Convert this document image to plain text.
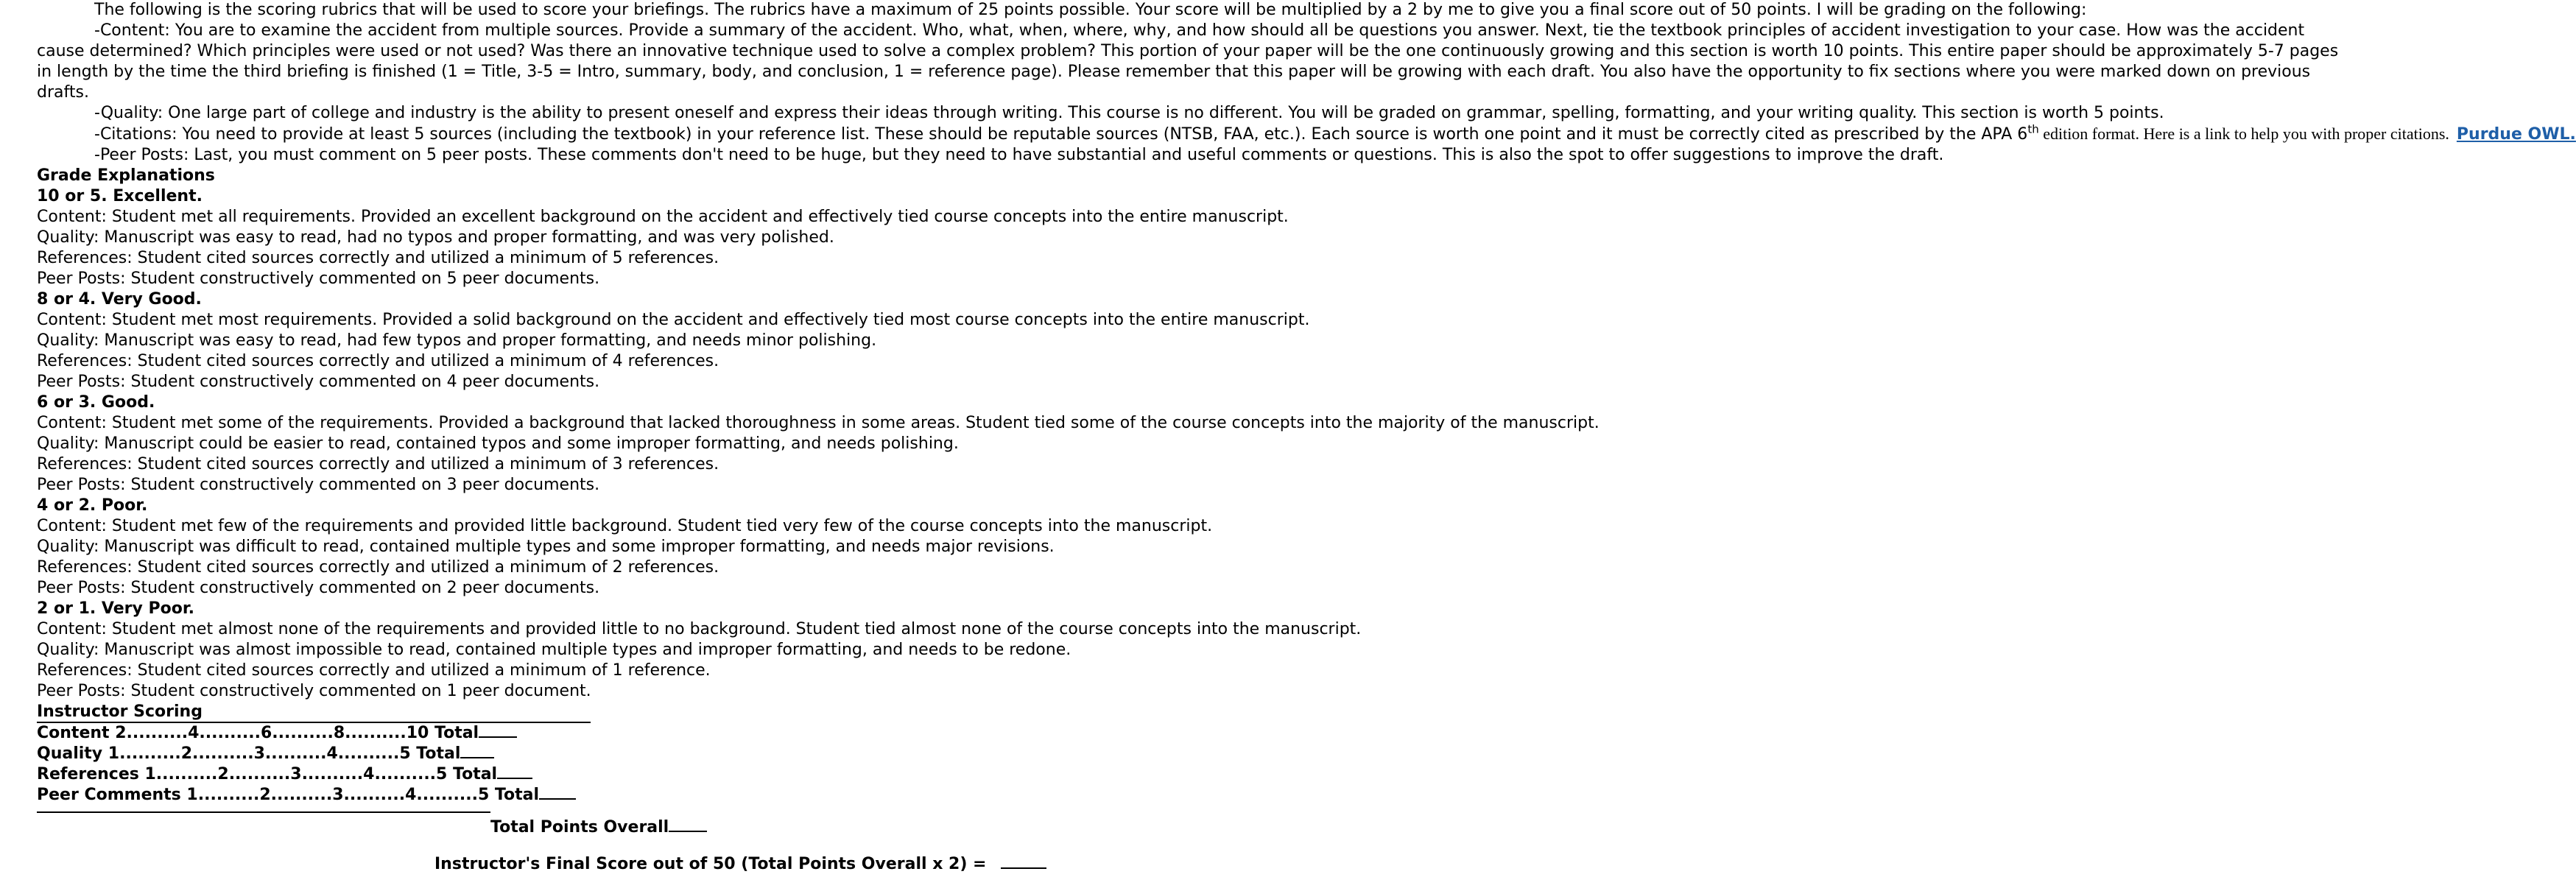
The following is the scoring rubrics that will be used to score your briefings. The rubrics have a maximum of 25 points possible. Your score will be multiplied by a 2 by me to give you a final score out of 50 points. I will be grading on the following:
-Content: You are to examine the accident from multiple sources. Provide a summary of the accident. Who, what, when, where, why, and how should all be questions you answer. Next, tie the textbook principles of accident investigation to your case. How was the accident cause determined? Which principles were used or not used? Was there an innovative technique used to solve a complex problem? This portion of your paper will be the one continuously growing and this section is worth 10 points. This entire paper should be approximately 5-7 pages in length by the time the third briefing is finished (1 = Title, 3-5 = Intro, summary, body, and conclusion, 1 = reference page). Please remember that this paper will be growing with each draft. You also have the opportunity to fix sections where you were marked down on previous drafts.
-Quality: One large part of college and industry is the ability to present oneself and express their ideas through writing. This course is no different. You will be graded on grammar, spelling, formatting, and your writing quality. This section is worth 5 points.
-Citations: You need to provide at least 5 sources (including the textbook) in your reference list. These should be reputable sources (NTSB, FAA, etc.). Each source is worth one point and it must be correctly cited as prescribed by the APA 6th edition format. Here is a link to help you with proper citations. Purdue OWL.
-Peer Posts: Last, you must comment on 5 peer posts. These comments don't need to be huge, but they need to have substantial and useful comments or questions. This is also the spot to offer suggestions to improve the draft.
Grade Explanations
10 or 5. Excellent.
Content: Student met all requirements. Provided an excellent background on the accident and effectively tied course concepts into the entire manuscript.
Quality: Manuscript was easy to read, had no typos and proper formatting, and was very polished.
References: Student cited sources correctly and utilized a minimum of 5 references.
Peer Posts: Student constructively commented on 5 peer documents.
8 or 4. Very Good.
Content: Student met most requirements. Provided a solid background on the accident and effectively tied most course concepts into the entire manuscript.
Quality: Manuscript was easy to read, had few typos and proper formatting, and needs minor polishing.
References: Student cited sources correctly and utilized a minimum of 4 references.
Peer Posts: Student constructively commented on 4 peer documents.
6 or 3. Good.
Content: Student met some of the requirements. Provided a background that lacked thoroughness in some areas. Student tied some of the course concepts into the majority of the manuscript.
Quality: Manuscript could be easier to read, contained typos and some improper formatting, and needs polishing.
References: Student cited sources correctly and utilized a minimum of 3 references.
Peer Posts: Student constructively commented on 3 peer documents.
4 or 2. Poor.
Content: Student met few of the requirements and provided little background. Student tied very few of the course concepts into the manuscript.
Quality: Manuscript was difficult to read, contained multiple types and some improper formatting, and needs major revisions.
References: Student cited sources correctly and utilized a minimum of 2 references.
Peer Posts: Student constructively commented on 2 peer documents.
2 or 1. Very Poor.
Content: Student met almost none of the requirements and provided little to no background. Student tied almost none of the course concepts into the manuscript.
Quality: Manuscript was almost impossible to read, contained multiple types and improper formatting, and needs to be redone.
References: Student cited sources correctly and utilized a minimum of 1 reference.
Peer Posts: Student constructively commented on 1 peer document.
Instructor Scoring
Content 2..........4..........6..........8..........10 Total
Quality 1..........2..........3..........4..........5 Total
References 1..........2..........3..........4..........5 Total
Peer Comments 1..........2..........3..........4..........5 Total
Total Points Overall
Instructor's Final Score out of 50 (Total Points Overall x 2) =
